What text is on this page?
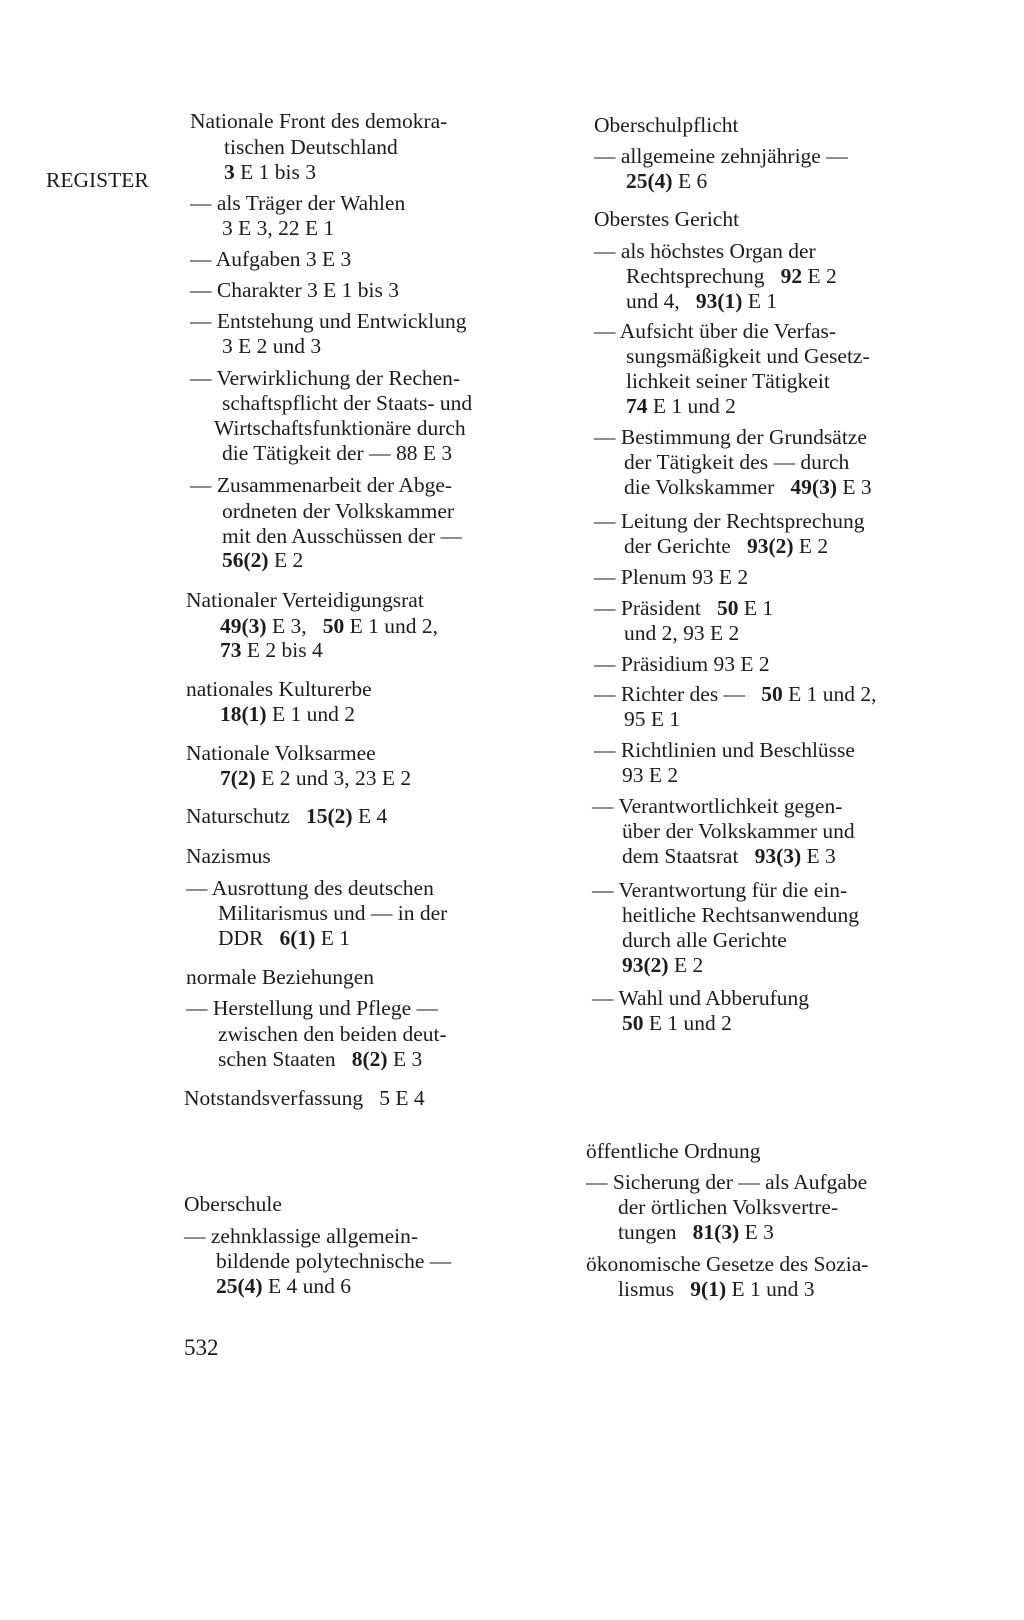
REGISTER
532
Nationale Front des demokra-
tischen Deutschland
3 E 1 bis 3
— als Träger der Wahlen
3 E 3, 22 E 1
— Aufgaben 3 E 3
— Charakter 3 E 1 bis 3
— Entstehung und Entwicklung
3 E 2 und 3
— Verwirklichung der Rechen-
schaftspflicht der Staats- und
Wirtschaftsfunktionäre durch
die Tätigkeit der — 88 E 3
— Zusammenarbeit der Abge-
ordneten der Volkskammer
mit den Ausschüssen der —
56(2) E 2
Nationaler Verteidigungsrat
49(3) E 3,   50 E 1 und 2,
73 E 2 bis 4
nationales Kulturerbe
18(1) E 1 und 2
Nationale Volksarmee
7(2) E 2 und 3, 23 E 2
Naturschutz   15(2) E 4
Nazismus
— Ausrottung des deutschen
Militarismus und — in der
DDR   6(1) E 1
normale Beziehungen
— Herstellung und Pflege —
zwischen den beiden deut-
schen Staaten   8(2) E 3
Notstandsverfassung   5 E 4
Oberschule
— zehnklassige allgemein-
bildende polytechnische —
25(4) E 4 und 6
Oberschulpflicht
— allgemeine zehnjährige —
25(4) E 6
Oberstes Gericht
— als höchstes Organ der
Rechtsprechung   92 E 2
und 4,   93(1) E 1
— Aufsicht über die Verfas-
sungsmäßigkeit und Gesetz-
lichkeit seiner Tätigkeit
74 E 1 und 2
— Bestimmung der Grundsätze
der Tätigkeit des — durch
die Volkskammer   49(3) E 3
— Leitung der Rechtsprechung
der Gerichte   93(2) E 2
— Plenum 93 E 2
— Präsident   50 E 1
und 2, 93 E 2
— Präsidium 93 E 2
— Richter des —   50 E 1 und 2,
95 E 1
— Richtlinien und Beschlüsse
93 E 2
— Verantwortlichkeit gegen-
über der Volkskammer und
dem Staatsrat   93(3) E 3
— Verantwortung für die ein-
heitliche Rechtsanwendung
durch alle Gerichte
93(2) E 2
— Wahl und Abberufung
50 E 1 und 2
öffentliche Ordnung
— Sicherung der — als Aufgabe
der örtlichen Volksvertre-
tungen   81(3) E 3
ökonomische Gesetze des Sozia-
lismus   9(1) E 1 und 3
